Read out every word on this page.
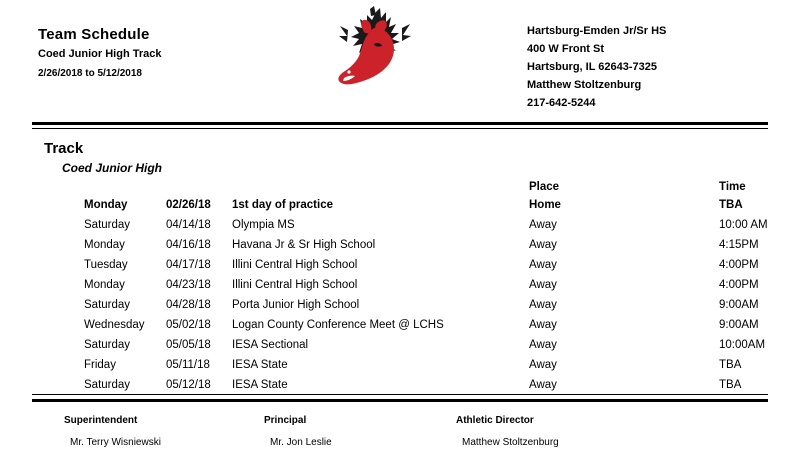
Team Schedule
Coed Junior High Track
2/26/2018 to 5/12/2018
Hartsburg-Emden Jr/Sr HS
400 W Front St
Hartsburg, IL 62643-7325
Matthew Stoltzenburg
217-642-5244
Track
Coed Junior High
			Place	Time
Monday	02/26/18	1st day of practice	Home	TBA
Saturday	04/14/18	Olympia MS	Away	10:00 AM
Monday	04/16/18	Havana Jr & Sr High School	Away	4:15PM
Tuesday	04/17/18	Illini Central High School	Away	4:00PM
Monday	04/23/18	Illini Central High School	Away	4:00PM
Saturday	04/28/18	Porta Junior High School	Away	9:00AM
Wednesday	05/02/18	Logan County Conference Meet @ LCHS	Away	9:00AM
Saturday	05/05/18	IESA Sectional	Away	10:00AM
Friday	05/11/18	IESA State	Away	TBA
Saturday	05/12/18	IESA State	Away	TBA
Superintendent
Mr. Terry Wisniewski
Principal
Mr. Jon Leslie
Athletic Director
Matthew Stoltzenburg
